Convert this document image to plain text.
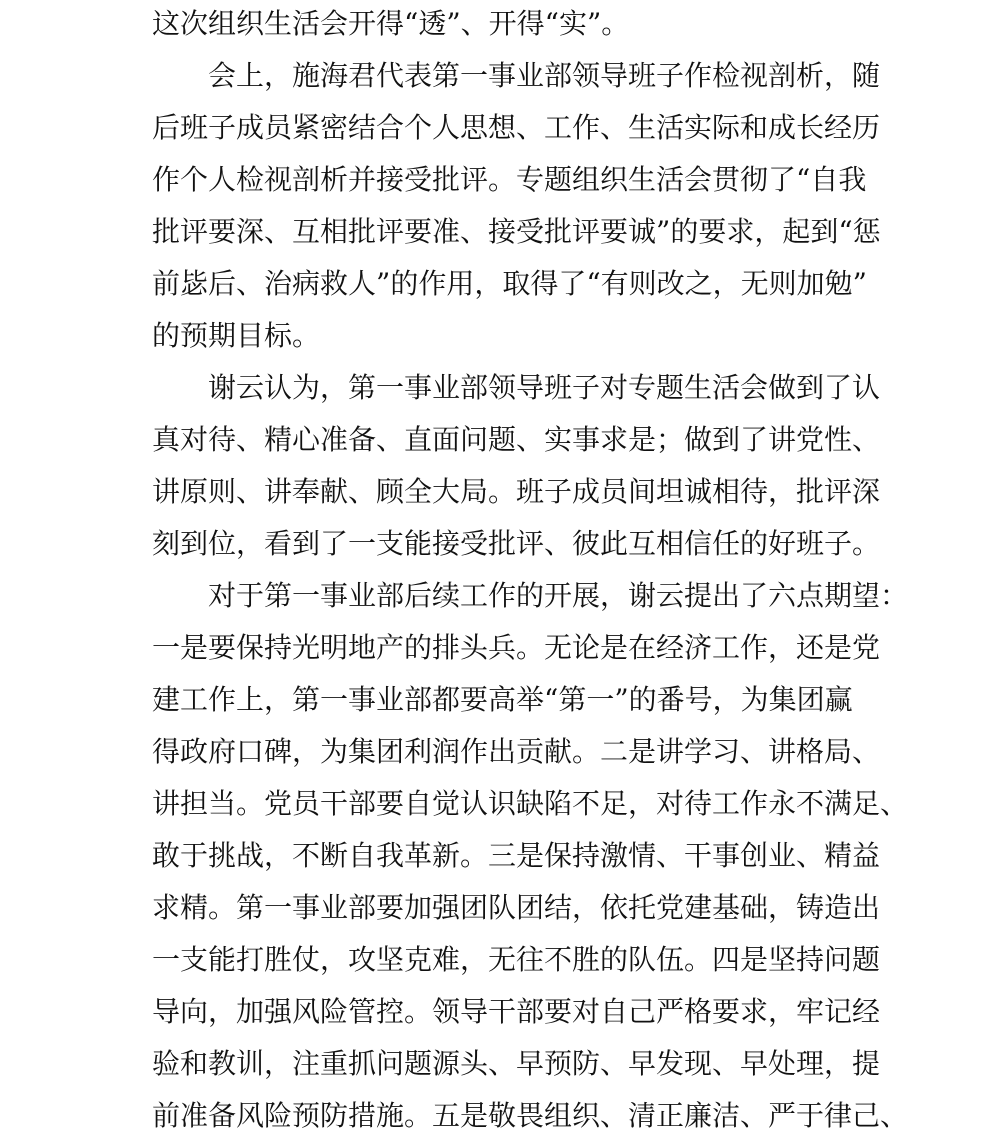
这次组织生活会开得“透”、开得“实”。
会上，施海君代表第一事业部领导班子作检视剖析，随
后班子成员紧密结合个人思想、工作、生活实际和成长经历
作个人检视剖析并接受批评。专题组织生活会贯彻了“自我
批评要深、互相批评要准、接受批评要诚”的要求，起到“惩
前毖后、治病救人”的作用，取得了“有则改之，无则加勉”
的预期目标。
谢云认为，第一事业部领导班子对专题生活会做到了认
真对待、精心准备、直面问题、实事求是；做到了讲党性、
讲原则、讲奉献、顾全大局。班子成员间坦诚相待，批评深
刻到位，看到了一支能接受批评、彼此互相信任的好班子。
对于第一事业部后续工作的开展，谢云提出了六点期望：
一是要保持光明地产的排头兵。无论是在经济工作，还是党
建工作上，第一事业部都要高举“第一”的番号，为集团赢
得政府口碑，为集团利润作出贡献。二是讲学习、讲格局、
讲担当。党员干部要自觉认识缺陷不足，对待工作永不满足、
敢于挑战，不断自我革新。三是保持激情、干事创业、精益
求精。第一事业部要加强团队团结，依托党建基础，铸造出
一支能打胜仗，攻坚克难，无往不胜的队伍。四是坚持问题
导向，加强风险管控。领导干部要对自己严格要求，牢记经
验和教训，注重抓问题源头、早预防、早发现、早处理，提
前准备风险预防措施。五是敬畏组织、清正廉洁、严于律己、
